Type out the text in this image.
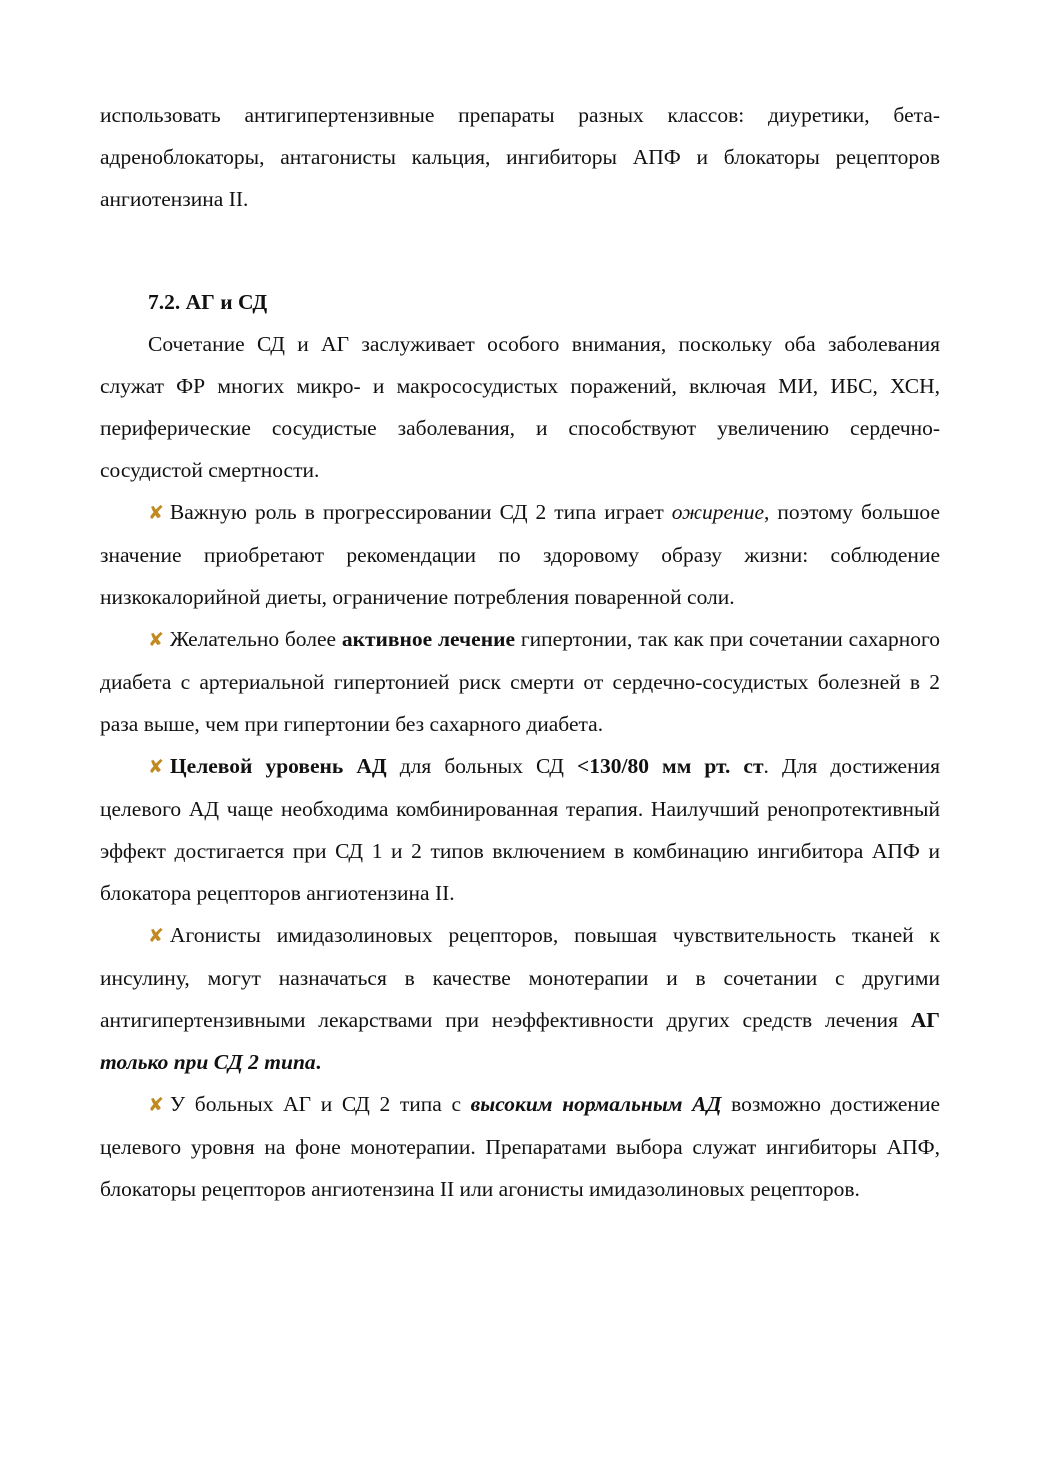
использовать антигипертензивные препараты разных классов: диуретики, бета-адреноблокаторы, антагонисты кальция, ингибиторы АПФ и блокаторы рецепторов ангиотензина II.

7.2. АГ и СД

Сочетание СД и АГ заслуживает особого внимания, поскольку оба заболевания служат ФР многих микро- и макрососудистых поражений, включая МИ, ИБС, ХСН, периферические сосудистые заболевания, и способствуют увеличению сердечно-сосудистой смертности.

✘ Важную роль в прогрессировании СД 2 типа играет ожирение, поэтому большое значение приобретают рекомендации по здоровому образу жизни: соблюдение низкокалорийной диеты, ограничение потребления поваренной соли.

✘ Желательно более активное лечение гипертонии, так как при сочетании сахарного диабета с артериальной гипертонией риск смерти от сердечно-сосудистых болезней в 2 раза выше, чем при гипертонии без сахарного диабета.

✘ Целевой уровень АД для больных СД <130/80 мм рт. ст. Для достижения целевого АД чаще необходима комбинированная терапия. Наилучший ренопротективный эффект достигается при СД 1 и 2 типов включением в комбинацию ингибитора АПФ и блокатора рецепторов ангиотензина II.

✘ Агонисты имидазолиновых рецепторов, повышая чувствительность тканей к инсулину, могут назначаться в качестве монотерапии и в сочетании с другими антигипертензивными лекарствами при неэффективности других средств лечения АГ только при СД 2 типа.

✘ У больных АГ и СД 2 типа с высоким нормальным АД возможно достижение целевого уровня на фоне монотерапии. Препаратами выбора служат ингибиторы АПФ, блокаторы рецепторов ангиотензина II или агонисты имидазолиновых рецепторов.
